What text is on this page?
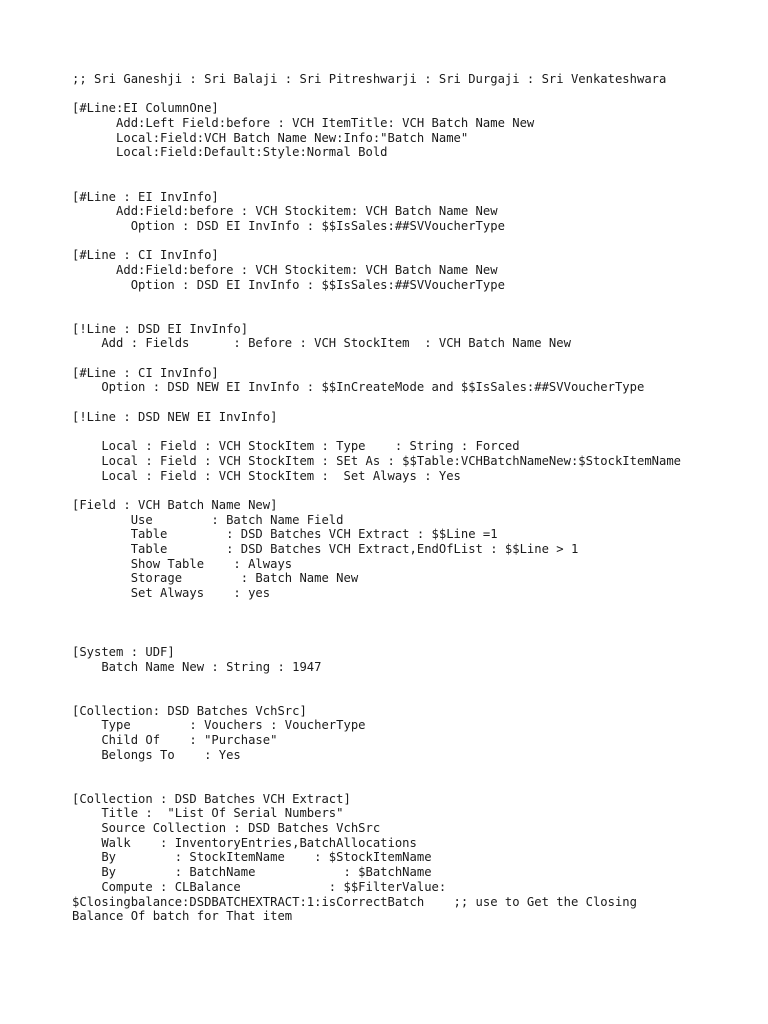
;; Sri Ganeshji : Sri Balaji : Sri Pitreshwarji : Sri Durgaji : Sri Venkateshwara
[#Line:EI ColumnOne]
Add:Left Field:before : VCH ItemTitle: VCH Batch Name New
Local:Field:VCH Batch Name New:Info:"Batch Name"
Local:Field:Default:Style:Normal Bold
[#Line : EI InvInfo]
Add:Field:before : VCH Stockitem: VCH Batch Name New
Option : DSD EI InvInfo : $$IsSales:##SVVoucherType
[#Line : CI InvInfo]
Add:Field:before : VCH Stockitem: VCH Batch Name New
Option : DSD EI InvInfo : $$IsSales:##SVVoucherType
[!Line : DSD EI InvInfo]
Add : Fields      : Before : VCH StockItem  : VCH Batch Name New
[#Line : CI InvInfo]
Option : DSD NEW EI InvInfo : $$InCreateMode and $$IsSales:##SVVoucherType
[!Line : DSD NEW EI InvInfo]
Local : Field : VCH StockItem : Type    : String : Forced
Local : Field : VCH StockItem : SEt As : $$Table:VCHBatchNameNew:$StockItemName
Local : Field : VCH StockItem :  Set Always : Yes
[Field : VCH Batch Name New]
Use        : Batch Name Field
Table        : DSD Batches VCH Extract : $$Line =1
Table        : DSD Batches VCH Extract,EndOfList : $$Line > 1
Show Table    : Always
Storage        : Batch Name New
Set Always    : yes
[System : UDF]
Batch Name New : String : 1947
[Collection: DSD Batches VchSrc]
Type        : Vouchers : VoucherType
Child Of    : "Purchase"
Belongs To    : Yes
[Collection : DSD Batches VCH Extract]
Title :  "List Of Serial Numbers"
Source Collection : DSD Batches VchSrc
Walk    : InventoryEntries,BatchAllocations
By        : StockItemName    : $StockItemName
By        : BatchName            : $BatchName
Compute : CLBalance            : $$FilterValue:
$Closingbalance:DSDBATCHEXTRACT:1:isCorrectBatch    ;; use to Get the Closing
Balance Of batch for That item
